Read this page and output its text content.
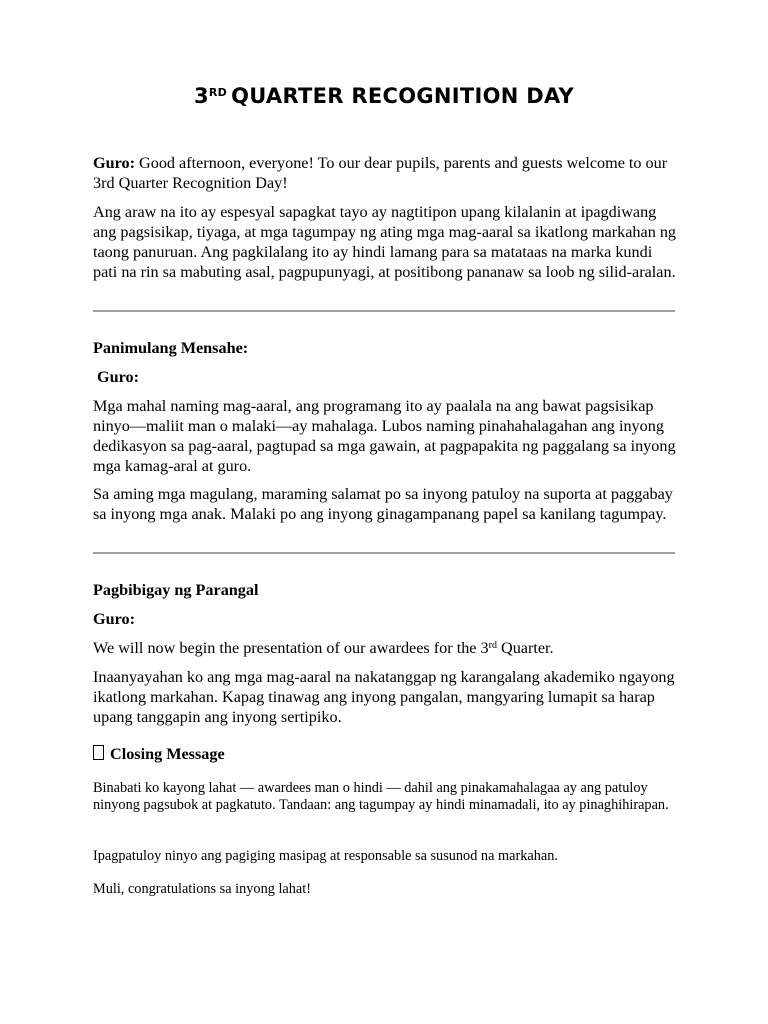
3RD QUARTER RECOGNITION DAY

Guro: Good afternoon, everyone! To our dear pupils, parents and guests welcome to our 3rd Quarter Recognition Day!

Ang araw na ito ay espesyal sapagkat tayo ay nagtitipon upang kilalanin at ipagdiwang ang pagsisikap, tiyaga, at mga tagumpay ng ating mga mag-aaral sa ikatlong markahan ng taong panuruan. Ang pagkilalang ito ay hindi lamang para sa matataas na marka kundi pati na rin sa mabuting asal, pagpupunyagi, at positibong pananaw sa loob ng silid-aralan.

Panimulang Mensahe:

Guro:

Mga mahal naming mag-aaral, ang programang ito ay paalala na ang bawat pagsisikap ninyo—maliit man o malaki—ay mahalaga. Lubos naming pinahahalagahan ang inyong dedikasyon sa pag-aaral, pagtupad sa mga gawain, at pagpapakita ng paggalang sa inyong mga kamag-aral at guro.

Sa aming mga magulang, maraming salamat po sa inyong patuloy na suporta at paggabay sa inyong mga anak. Malaki po ang inyong ginagampanang papel sa kanilang tagumpay.

Pagbibigay ng Parangal

Guro:

We will now begin the presentation of our awardees for the 3rd Quarter.

Inaanyayahan ko ang mga mag-aaral na nakatanggap ng karangalang akademiko ngayong ikatlong markahan. Kapag tinawag ang inyong pangalan, mangyaring lumapit sa harap upang tanggapin ang inyong sertipiko.

Closing Message

Binabati ko kayong lahat — awardees man o hindi — dahil ang pinakamahalagaa ay ang patuloy ninyong pagsubok at pagkatuto. Tandaan: ang tagumpay ay hindi minamadali, ito ay pinaghihirapan.

Ipagpatuloy ninyo ang pagiging masipag at responsable sa susunod na markahan.

Muli, congratulations sa inyong lahat!
